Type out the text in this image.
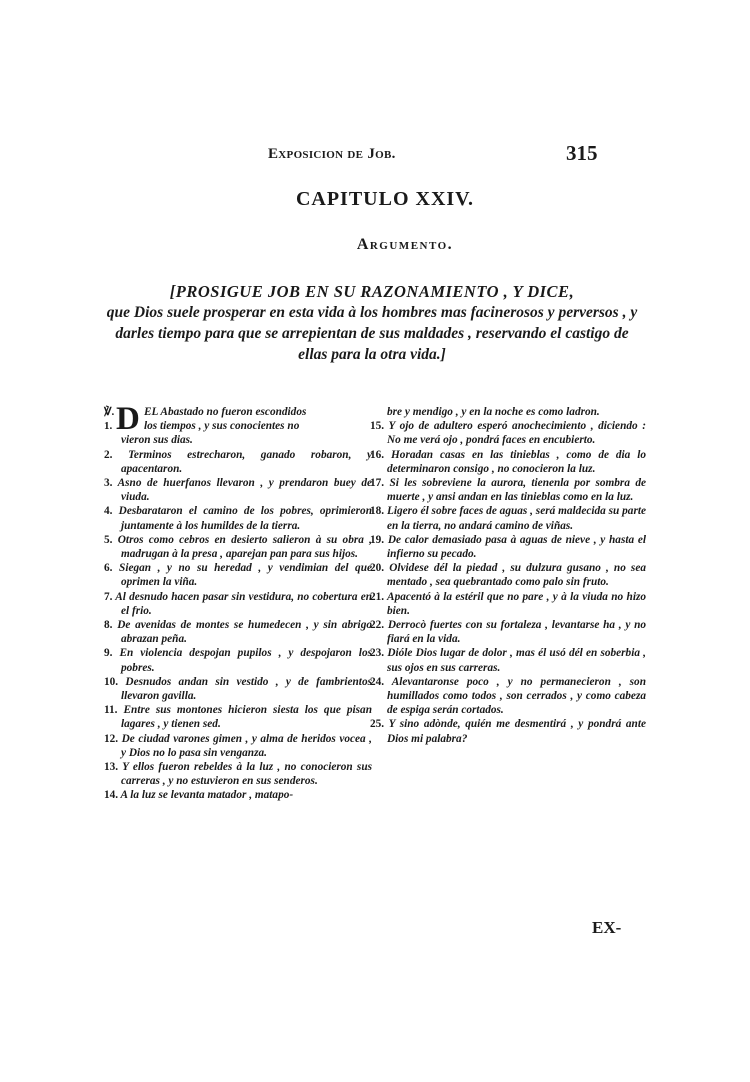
Exposicion de Job.	315
CAPITULO XXIV.
Argumento.
[PROSIGUE JOB EN SU RAZONAMIENTO , Y DICE,
que Dios suele prosperar en esta vida à los hombres mas facinerosos y perversos , y darles tiempo para que se arrepientan de sus maldades , reservando el castigo de ellas para la otra vida.]
℣.
1. D EL Abastado no fueron escondidos
los tiempos , y sus conocientes no
vieron sus dias.

2. Terminos estrecharon, ganado robaron, y apacentaron.

3. Asno de huerfanos llevaron , y prendaron buey de viuda.

4. Desbarataron el camino de los pobres, oprimieron juntamente à los humildes de la tierra.

5. Otros como cebros en desierto salieron à su obra , madrugan à la presa , aparejan pan para sus hijos.

6. Siegan , y no su heredad , y vendimian del que oprimen la viña.

7. Al desnudo hacen pasar sin vestidura, no cobertura en el frio.

8. De avenidas de montes se humedecen , y sin abrigo abrazan peña.

9. En violencia despojan pupilos , y despojaron los pobres.

10. Desnudos andan sin vestido , y de fambrientos llevaron gavilla.

11. Entre sus montones hicieron siesta los que pisan lagares , y tienen sed.

12. De ciudad varones gimen , y alma de heridos vocea , y Dios no lo pasa sin venganza.

13. Y ellos fueron rebeldes à la luz , no conocieron sus carreras , y no estuvieron en sus senderos.

14. A la luz se levanta matador , matapo-

bre y mendigo , y en la noche es como ladron.

15. Y ojo de adultero esperó anochecimiento , diciendo : No me verá ojo , pondrá faces en encubierto.

16. Horadan casas en las tinieblas , como de dia lo determinaron consigo , no conocieron la luz.

17. Si les sobreviene la aurora, tienenla por sombra de muerte , y ansi andan en las tinieblas como en la luz.

18. Ligero él sobre faces de aguas , será maldecida su parte en la tierra, no andará camino de viñas.

19. De calor demasiado pasa à aguas de nieve , y hasta el infierno su pecado.

20. Olvidese dél la piedad , su dulzura gusano , no sea mentado , sea quebrantado como palo sin fruto.

21. Apacentó à la estéril que no pare , y à la viuda no hizo bien.

22. Derrocò fuertes con su fortaleza , levantarse ha , y no fiará en la vida.

23. Dióle Dios lugar de dolor , mas él usó dél en soberbia , sus ojos en sus carreras.

24. Alevantaronse poco , y no permanecieron , son humillados como todos , son cerrados , y como cabeza de espiga serán cortados.

25. Y sino adònde, quién me desmentirá , y pondrá ante Dios mi palabra?

EX-
